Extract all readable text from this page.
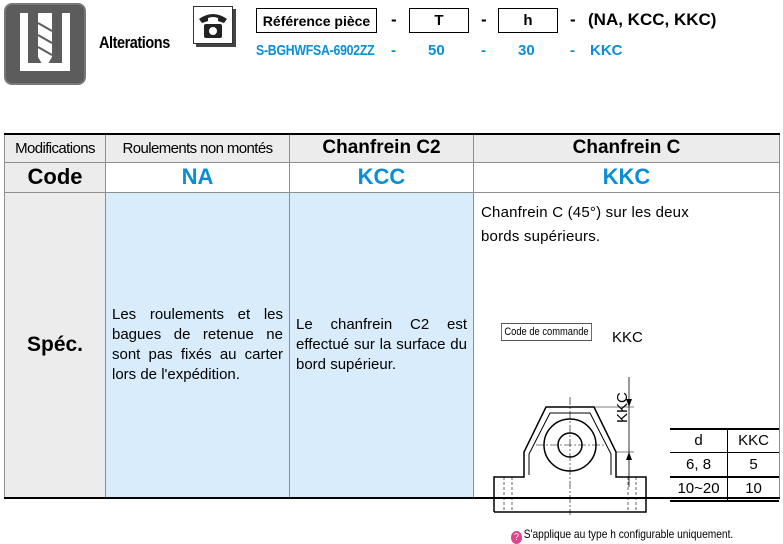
Alterations
Référence pièce -	T - h - (NA, KCC, KKC)
S-BGHWFSA-6902ZZ - 50 - 30 - KKC
Modifications	Roulements non montés	Chanfrein C2	Chanfrein C
Code	NA	KCC	KKC
Spéc.	Les roulements et les bagues de retenue ne sont pas fixés au carter lors de l'expédition.	Le chanfrein C2 est effectué sur la surface du bord supérieur.	
Chanfrein C (45°) sur les deux
bords supérieurs.
Code de commande KKC
KKC
d	KKC
6, 8	5
10~20	10
? S'applique au type h configurable uniquement.
